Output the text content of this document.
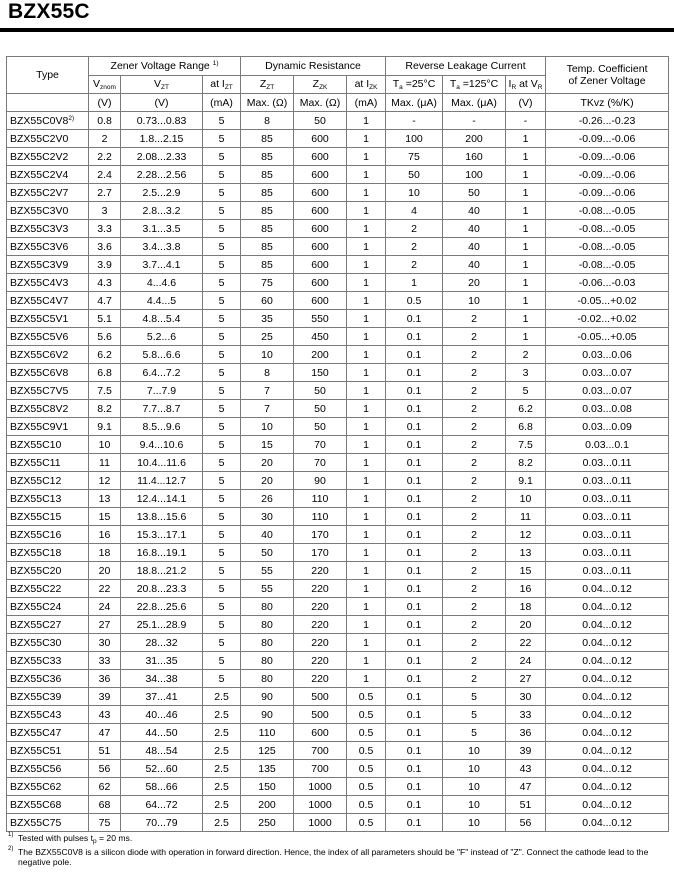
BZX55C
Type	Zener Voltage Range $^{1)}$			Dynamic Resistance			Reverse Leakage Current			Temp. Coefficient
of Zener Voltage
	$V_{znom}$	$V_{ZT}$	at $I_{ZT}$	$Z_{ZT}$	$Z_{ZK}$	at $I_{ZK}$	$T_a =25^\circ C$	$T_a =125^\circ C$	$I_R$ at $V_R$
	(V)	(V)	(mA)	Max. (Ω)	Max. (Ω)	(mA)	Max. (μA)	Max. (μA)	(V)	TKvz (%/K)
BZX55C0V8$^{2)}$	0.8	0.73...0.83	5	8	50	1	-	-	-	-0.26...-0.23
BZX55C2V0	2	1.8...2.15	5	85	600	1	100	200	1	-0.09...-0.06
BZX55C2V2	2.2	2.08...2.33	5	85	600	1	75	160	1	-0.09...-0.06
BZX55C2V4	2.4	2.28...2.56	5	85	600	1	50	100	1	-0.09...-0.06
BZX55C2V7	2.7	2.5...2.9	5	85	600	1	10	50	1	-0.09...-0.06
BZX55C3V0	3	2.8...3.2	5	85	600	1	4	40	1	-0.08...-0.05
BZX55C3V3	3.3	3.1...3.5	5	85	600	1	2	40	1	-0.08...-0.05
BZX55C3V6	3.6	3.4...3.8	5	85	600	1	2	40	1	-0.08...-0.05
BZX55C3V9	3.9	3.7...4.1	5	85	600	1	2	40	1	-0.08...-0.05
BZX55C4V3	4.3	4...4.6	5	75	600	1	1	20	1	-0.06...-0.03
BZX55C4V7	4.7	4.4...5	5	60	600	1	0.5	10	1	-0.05...+0.02
BZX55C5V1	5.1	4.8...5.4	5	35	550	1	0.1	2	1	-0.02...+0.02
BZX55C5V6	5.6	5.2...6	5	25	450	1	0.1	2	1	-0.05...+0.05
BZX55C6V2	6.2	5.8...6.6	5	10	200	1	0.1	2	2	0.03...0.06
BZX55C6V8	6.8	6.4...7.2	5	8	150	1	0.1	2	3	0.03...0.07
BZX55C7V5	7.5	7...7.9	5	7	50	1	0.1	2	5	0.03...0.07
BZX55C8V2	8.2	7.7...8.7	5	7	50	1	0.1	2	6.2	0.03...0.08
BZX55C9V1	9.1	8.5...9.6	5	10	50	1	0.1	2	6.8	0.03...0.09
BZX55C10	10	9.4...10.6	5	15	70	1	0.1	2	7.5	0.03...0.1
BZX55C11	11	10.4...11.6	5	20	70	1	0.1	2	8.2	0.03...0.11
BZX55C12	12	11.4...12.7	5	20	90	1	0.1	2	9.1	0.03...0.11
BZX55C13	13	12.4...14.1	5	26	110	1	0.1	2	10	0.03...0.11
BZX55C15	15	13.8...15.6	5	30	110	1	0.1	2	11	0.03...0.11
BZX55C16	16	15.3...17.1	5	40	170	1	0.1	2	12	0.03...0.11
BZX55C18	18	16.8...19.1	5	50	170	1	0.1	2	13	0.03...0.11
BZX55C20	20	18.8...21.2	5	55	220	1	0.1	2	15	0.03...0.11
BZX55C22	22	20.8...23.3	5	55	220	1	0.1	2	16	0.04...0.12
BZX55C24	24	22.8...25.6	5	80	220	1	0.1	2	18	0.04...0.12
BZX55C27	27	25.1...28.9	5	80	220	1	0.1	2	20	0.04...0.12
BZX55C30	30	28...32	5	80	220	1	0.1	2	22	0.04...0.12
BZX55C33	33	31...35	5	80	220	1	0.1	2	24	0.04...0.12
BZX55C36	36	34...38	5	80	220	1	0.1	2	27	0.04...0.12
BZX55C39	39	37...41	2.5	90	500	0.5	0.1	5	30	0.04...0.12
BZX55C43	43	40...46	2.5	90	500	0.5	0.1	5	33	0.04...0.12
BZX55C47	47	44...50	2.5	110	600	0.5	0.1	5	36	0.04...0.12
BZX55C51	51	48...54	2.5	125	700	0.5	0.1	10	39	0.04...0.12
BZX55C56	56	52...60	2.5	135	700	0.5	0.1	10	43	0.04...0.12
BZX55C62	62	58...66	2.5	150	1000	0.5	0.1	10	47	0.04...0.12
BZX55C68	68	64...72	2.5	200	1000	0.5	0.1	10	51	0.04...0.12
BZX55C75	75	70...79	2.5	250	1000	0.5	0.1	10	56	0.04...0.12
1) Tested with pulses $t_p = 20$ ms.
2) The BZX55C0V8 is a silicon diode with operation in forward direction. Hence, the index of all parameters should be "F" instead of "Z". Connect the cathode lead to the negative pole.
